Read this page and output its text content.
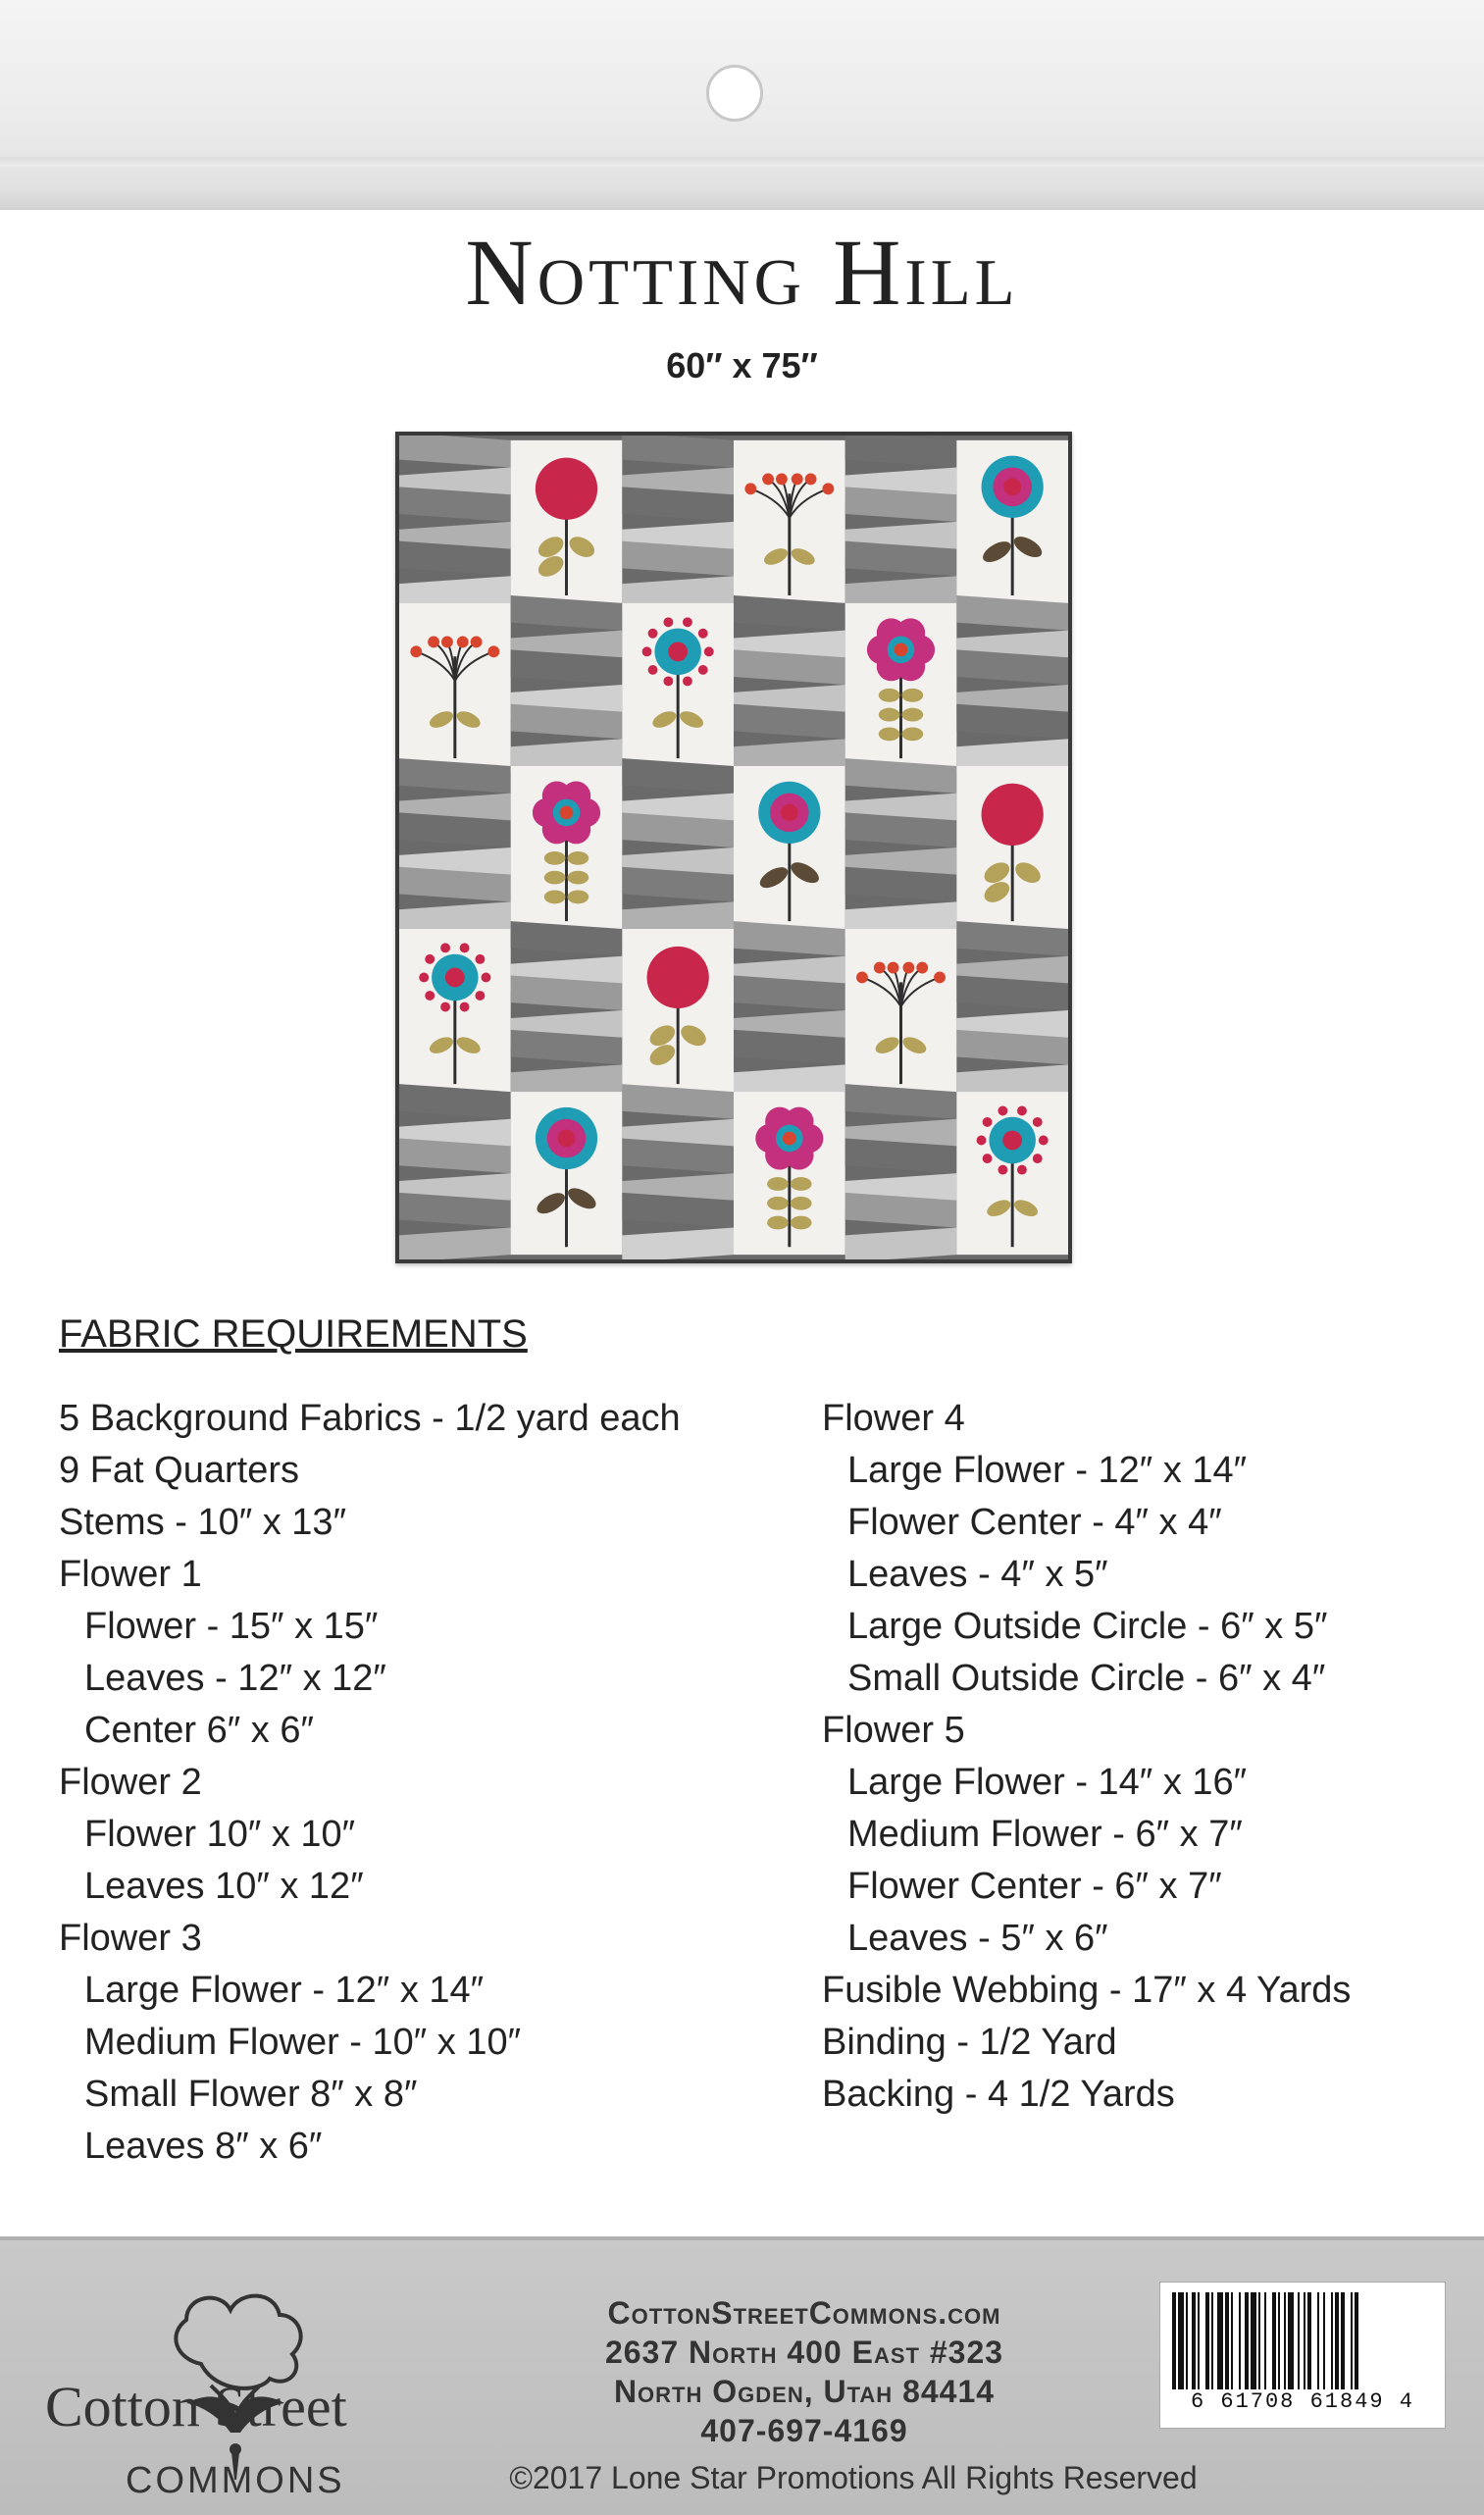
Notting Hill
60″ x 75″
FABRIC REQUIREMENTS
5 Background Fabrics - 1/2 yard each
9 Fat Quarters
Stems - 10″ x 13″
Flower 1
Flower - 15″ x 15″
Leaves - 12″ x 12″
Center 6″ x 6″
Flower 2
Flower 10″ x 10″
Leaves 10″ x 12″
Flower 3
Large Flower - 12″ x 14″
Medium Flower - 10″ x 10″
Small Flower 8″ x 8″
Leaves 8″ x 6″
Flower 4
Large Flower - 12″ x 14″
Flower Center - 4″ x 4″
Leaves - 4″ x 5″
Large Outside Circle - 6″ x 5″
Small Outside Circle - 6″ x 4″
Flower 5
Large Flower - 14″ x 16″
Medium Flower - 6″ x 7″
Flower Center - 6″ x 7″
Leaves - 5″ x 6″
Fusible Webbing - 17″ x 4 Yards
Binding - 1/2 Yard
Backing - 4 1/2 Yards
Cotton Street
COMMONS
CottonStreetCommons.com
2637 North 400 East #323
North Ogden, Utah 84414
407-697-4169
©2017 Lone Star Promotions All Rights Reserved
6 61708 61849 4
